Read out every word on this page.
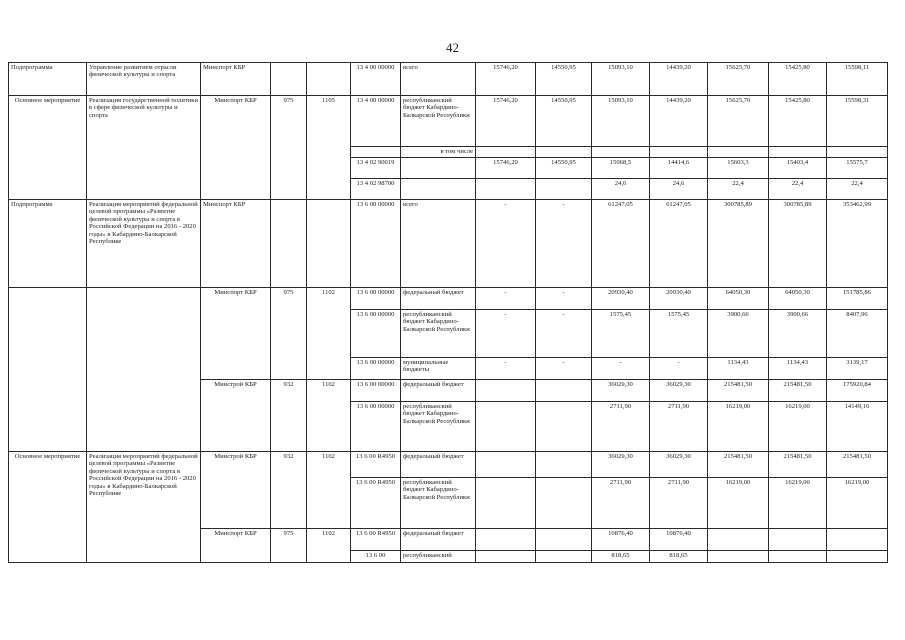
42
Подпрограмма	Управление развитием отрасли физической культуры и спорта	Минспорт КБР			13 4 00 00000	всего	15746,20	14550,95	15093,10	14439,20	15625,70	15425,80	15598,11
Основное мероприятие	Реализация государственной политики в сфере физической культуры и спорта	Минспорт КБР	975	1105	13 4 00 00000	республиканский бюджет Кабардино-Балкарской Республики	15746,20	14550,95	15093,10	14439,20	15625,70	15425,80	15598,31
						в том числе							
					13 4 02 90019		15746,20	14550,95	15068,5	14414,6	15603,3	15403,4	15575,7
					13 4 02 98700				24,6	24,6	22,4	22,4	22,4
Подпрограмма	Реализация мероприятий федеральной целевой программы «Развитие физической культуры и спорта в Российской Федерации на 2016 - 2020 годы» в Кабардино-Балкарской Республике	Минспорт КБР			13 6 00 00000	всего	-	-	61247,05	61247,05	300785,89	300785,89	353462,99
		Минспорт КБР	975	1102	13 6 00 00000	федеральный бюджет	-	-	20930,40	20930,40	64050,30	64050,30	151785,86
					13 6 00 00000	республиканский бюджет Кабардино-Балкарской Республики	-	-	1575,45	1575,45	3900,66	3900,66	8407,96
					13 6 00 00000	муниципальные бюджеты	-	-	-	-	1134,43	1134,43	3139,17
		Минстрой КБР	932	1102	13 6 00 00000	федеральный бюджет			36029,30	36029,30	215481,50	215481,50	175920,84
					13 6 00 00000	республиканский бюджет Кабардино-Балкарской Республики			2711,90	2711,90	16219,00	16219,00	14149,16
Основное мероприятие	Реализация мероприятий федеральной целевой программы «Развитие физической культуры и спорта в Российской Федерации на 2016 - 2020 годы» в Кабардино-Балкарской Республике	Минстрой КБР	932	1102	13 6 00 R4950	федеральный бюджет			36029,30	36029,30	215481,50	215481,50	215481,50
					13 6 00 R4950	республиканский бюджет Кабардино-Балкарской Республики			2711,90	2711,90	16219,00	16219,00	16219,00
		Минспорт КБР	975	1102	13 6 00 R4950	федеральный бюджет			10876,40	10876,40			
					13 6 00	республиканский			818,65	818,65			
